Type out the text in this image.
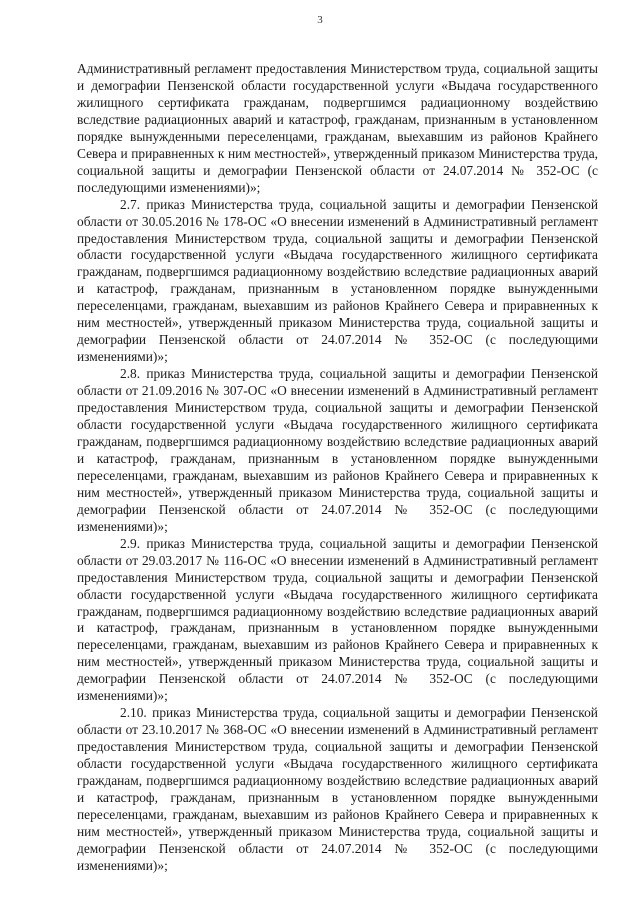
3

Административный регламент предоставления Министерством труда, социальной защиты и демографии Пензенской области государственной услуги «Выдача государственного жилищного сертификата гражданам, подвергшимся радиационному воздействию вследствие радиационных аварий и катастроф, гражданам, признанным в установленном порядке вынужденными переселенцами, гражданам, выехавшим из районов Крайнего Севера и приравненных к ним местностей», утвержденный приказом Министерства труда, социальной защиты и демографии Пензенской области от 24.07.2014 № 352-ОС (с последующими изменениями)»;

2.7. приказ Министерства труда, социальной защиты и демографии Пензенской области от 30.05.2016 № 178-ОС «О внесении изменений в Административный регламент предоставления Министерством труда, социальной защиты и демографии Пензенской области государственной услуги «Выдача государственного жилищного сертификата гражданам, подвергшимся радиационному воздействию вследствие радиационных аварий и катастроф, гражданам, признанным в установленном порядке вынужденными переселенцами, гражданам, выехавшим из районов Крайнего Севера и приравненных к ним местностей», утвержденный приказом Министерства труда, социальной защиты и демографии Пензенской области от 24.07.2014 № 352-ОС (с последующими изменениями)»;

2.8. приказ Министерства труда, социальной защиты и демографии Пензенской области от 21.09.2016 № 307-ОС «О внесении изменений в Административный регламент предоставления Министерством труда, социальной защиты и демографии Пензенской области государственной услуги «Выдача государственного жилищного сертификата гражданам, подвергшимся радиационному воздействию вследствие радиационных аварий и катастроф, гражданам, признанным в установленном порядке вынужденными переселенцами, гражданам, выехавшим из районов Крайнего Севера и приравненных к ним местностей», утвержденный приказом Министерства труда, социальной защиты и демографии Пензенской области от 24.07.2014 № 352-ОС (с последующими изменениями)»;

2.9. приказ Министерства труда, социальной защиты и демографии Пензенской области от 29.03.2017 № 116-ОС «О внесении изменений в Административный регламент предоставления Министерством труда, социальной защиты и демографии Пензенской области государственной услуги «Выдача государственного жилищного сертификата гражданам, подвергшимся радиационному воздействию вследствие радиационных аварий и катастроф, гражданам, признанным в установленном порядке вынужденными переселенцами, гражданам, выехавшим из районов Крайнего Севера и приравненных к ним местностей», утвержденный приказом Министерства труда, социальной защиты и демографии Пензенской области от 24.07.2014 № 352-ОС (с последующими изменениями)»;

2.10. приказ Министерства труда, социальной защиты и демографии Пензенской области от 23.10.2017 № 368-ОС «О внесении изменений в Административный регламент предоставления Министерством труда, социальной защиты и демографии Пензенской области государственной услуги «Выдача государственного жилищного сертификата гражданам, подвергшимся радиационному воздействию вследствие радиационных аварий и катастроф, гражданам, признанным в установленном порядке вынужденными переселенцами, гражданам, выехавшим из районов Крайнего Севера и приравненных к ним местностей», утвержденный приказом Министерства труда, социальной защиты и демографии Пензенской области от 24.07.2014 № 352-ОС (с последующими изменениями)»;
